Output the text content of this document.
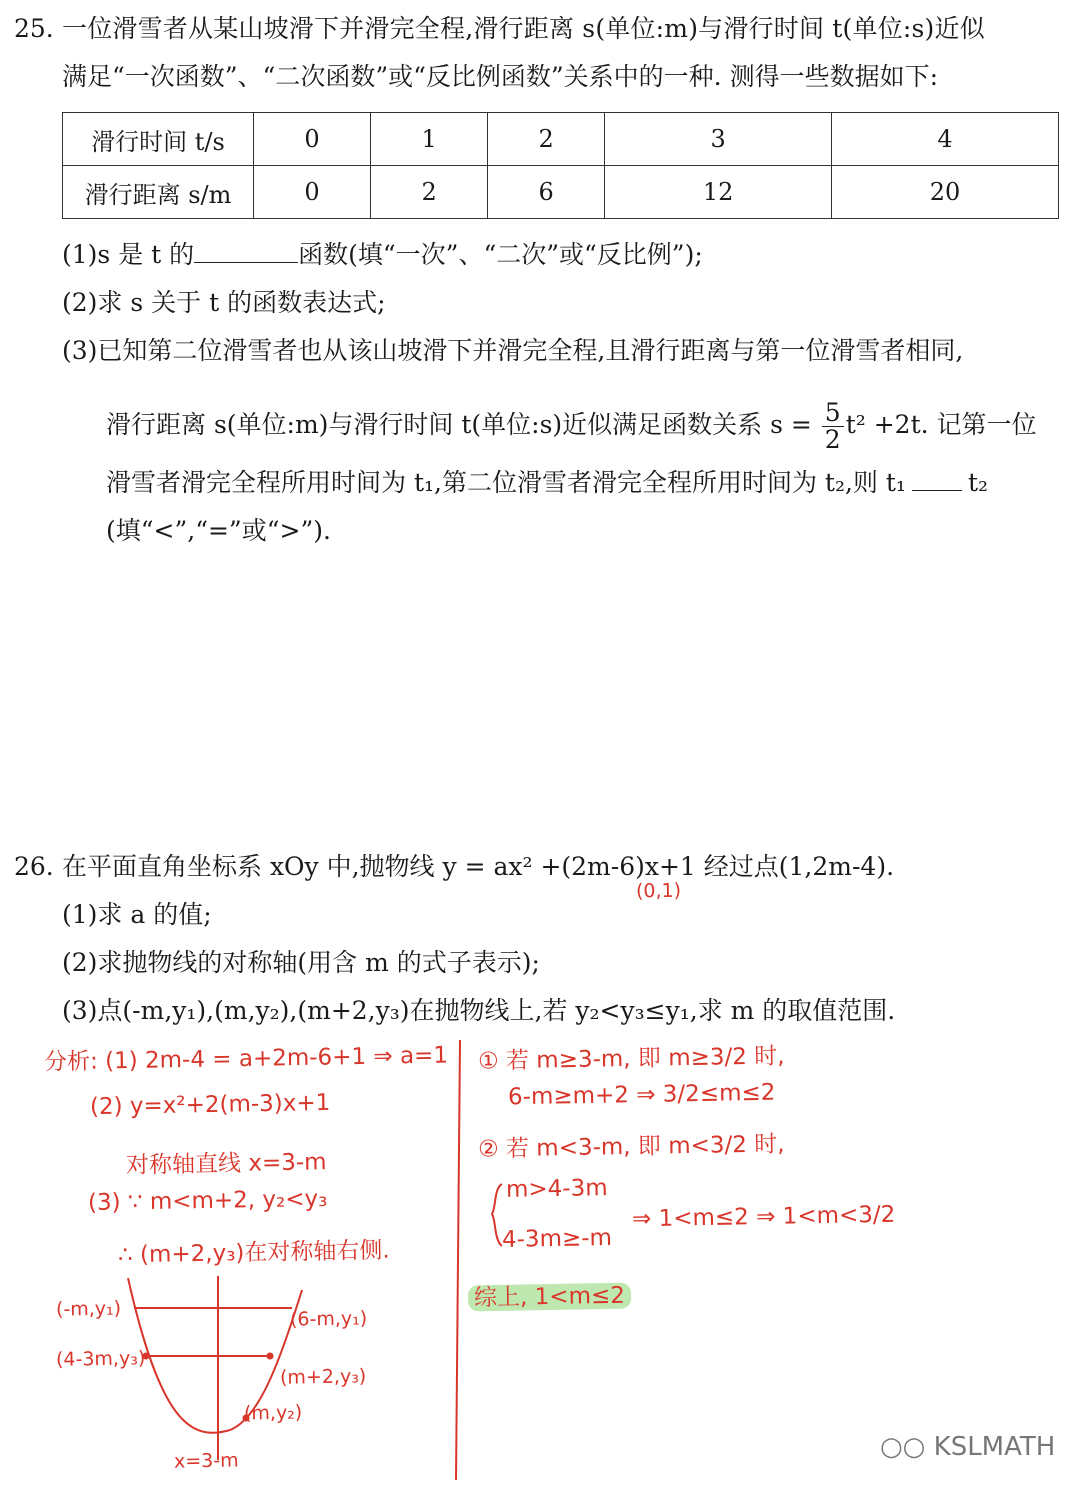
25. 一位滑雪者从某山坡滑下并滑完全程,滑行距离 s(单位:m)与滑行时间 t(单位:s)近似
满足“一次函数”、“二次函数”或“反比例函数”关系中的一种. 测得一些数据如下:
滑行时间 t/s	0	1	2	3	4
滑行距离 s/m	0	2	6	12	20
(1)s 是 t 的	函数(填“一次”、“二次”或“反比例”);
(2)求 s 关于 t 的函数表达式;
(3)已知第二位滑雪者也从该山坡滑下并滑完全程,且滑行距离与第一位滑雪者相同,
滑行距离 s(单位:m)与滑行时间 t(单位:s)近似满足函数关系 $s = \frac{5}{2} t^2 +2t$. 记第一位
滑雪者滑完全程所用时间为 t₁,第二位滑雪者滑完全程所用时间为 t₂,则 t₁ t₂
(填“<”,“=”或“>”).
26. 在平面直角坐标系 xOy 中,抛物线 y = ax² +(2m-6)x+1 经过点(1,2m-4).
(0,1)
(1)求 a 的值;
(2)求抛物线的对称轴(用含 m 的式子表示);
(3)点(-m,y₁),(m,y₂),(m+2,y₃)在抛物线上,若 y₂<y₃≤y₁,求 m 的取值范围.
分析: (1) 2m-4 = a+2m-6+1 ⇒ a=1
(2) y=x²+2(m-3)x+1
对称轴直线 x=3-m
(3) ∵ m<m+2, y₂<y₃
∴ (m+2,y₃)在对称轴右侧.
(-m,y₁)	(6-m,y₁)
(4-3m,y₃)
(m+2,y₃)
(m,y₂)
x=3-m
① 若 m≥3-m, 即 m≥3/2 时,
6-m≥m+2 ⇒ 3/2≤m≤2
② 若 m<3-m, 即 m<3/2 时,
m>4-3m
4-3m≥-m
⇒ 1<m≤2 ⇒ 1<m<3/2
综上, 1<m≤2
○○ KSLMATH
